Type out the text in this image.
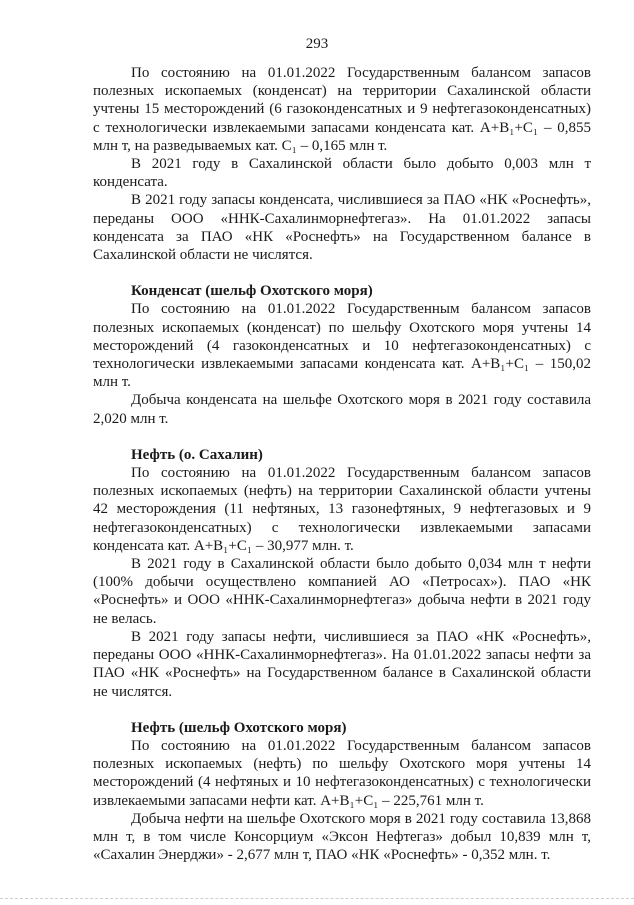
293

По состоянию на 01.01.2022 Государственным балансом запасов полезных ископаемых (конденсат) на территории Сахалинской области учтены 15 месторождений (6 газоконденсатных и 9 нефтегазоконденсатных) с технологически извлекаемыми запасами конденсата кат. А+В₁+С₁ – 0,855 млн т, на разведываемых кат. С₁ – 0,165 млн т.

В 2021 году в Сахалинской области было добыто 0,003 млн т конденсата.

В 2021 году запасы конденсата, числившиеся за ПАО «НК «Роснефть», переданы ООО «ННК-Сахалинморнефтегаз». На 01.01.2022 запасы конденсата за ПАО «НК «Роснефть» на Государственном балансе в Сахалинской области не числятся.

Конденсат (шельф Охотского моря)

По состоянию на 01.01.2022 Государственным балансом запасов полезных ископаемых (конденсат) по шельфу Охотского моря учтены 14 месторождений (4 газоконденсатных и 10 нефтегазоконденсатных) с технологически извлекаемыми запасами конденсата кат. А+В₁+С₁ – 150,02 млн т.

Добыча конденсата на шельфе Охотского моря в 2021 году составила 2,020 млн т.

Нефть (о. Сахалин)

По состоянию на 01.01.2022 Государственным балансом запасов полезных ископаемых (нефть) на территории Сахалинской области учтены 42 месторождения (11 нефтяных, 13 газонефтяных, 9 нефтегазовых и 9 нефтегазоконденсатных) с технологически извлекаемыми запасами конденсата кат. А+В₁+С₁ – 30,977 млн. т.

В 2021 году в Сахалинской области было добыто 0,034 млн т нефти (100% добычи осуществлено компанией АО «Петросах»). ПАО «НК «Роснефть» и ООО «ННК-Сахалинморнефтегаз» добыча нефти в 2021 году не велась.

В 2021 году запасы нефти, числившиеся за ПАО «НК «Роснефть», переданы ООО «ННК-Сахалинморнефтегаз». На 01.01.2022 запасы нефти за ПАО «НК «Роснефть» на Государственном балансе в Сахалинской области не числятся.

Нефть (шельф Охотского моря)

По состоянию на 01.01.2022 Государственным балансом запасов полезных ископаемых (нефть) по шельфу Охотского моря учтены 14 месторождений (4 нефтяных и 10 нефтегазоконденсатных) с технологически извлекаемыми запасами нефти кат. А+В₁+С₁ – 225,761 млн т.

Добыча нефти на шельфе Охотского моря в 2021 году составила 13,868 млн т, в том числе Консорциум «Эксон Нефтегаз» добыл 10,839 млн т, «Сахалин Энерджи» - 2,677 млн т, ПАО «НК «Роснефть» - 0,352 млн. т.
